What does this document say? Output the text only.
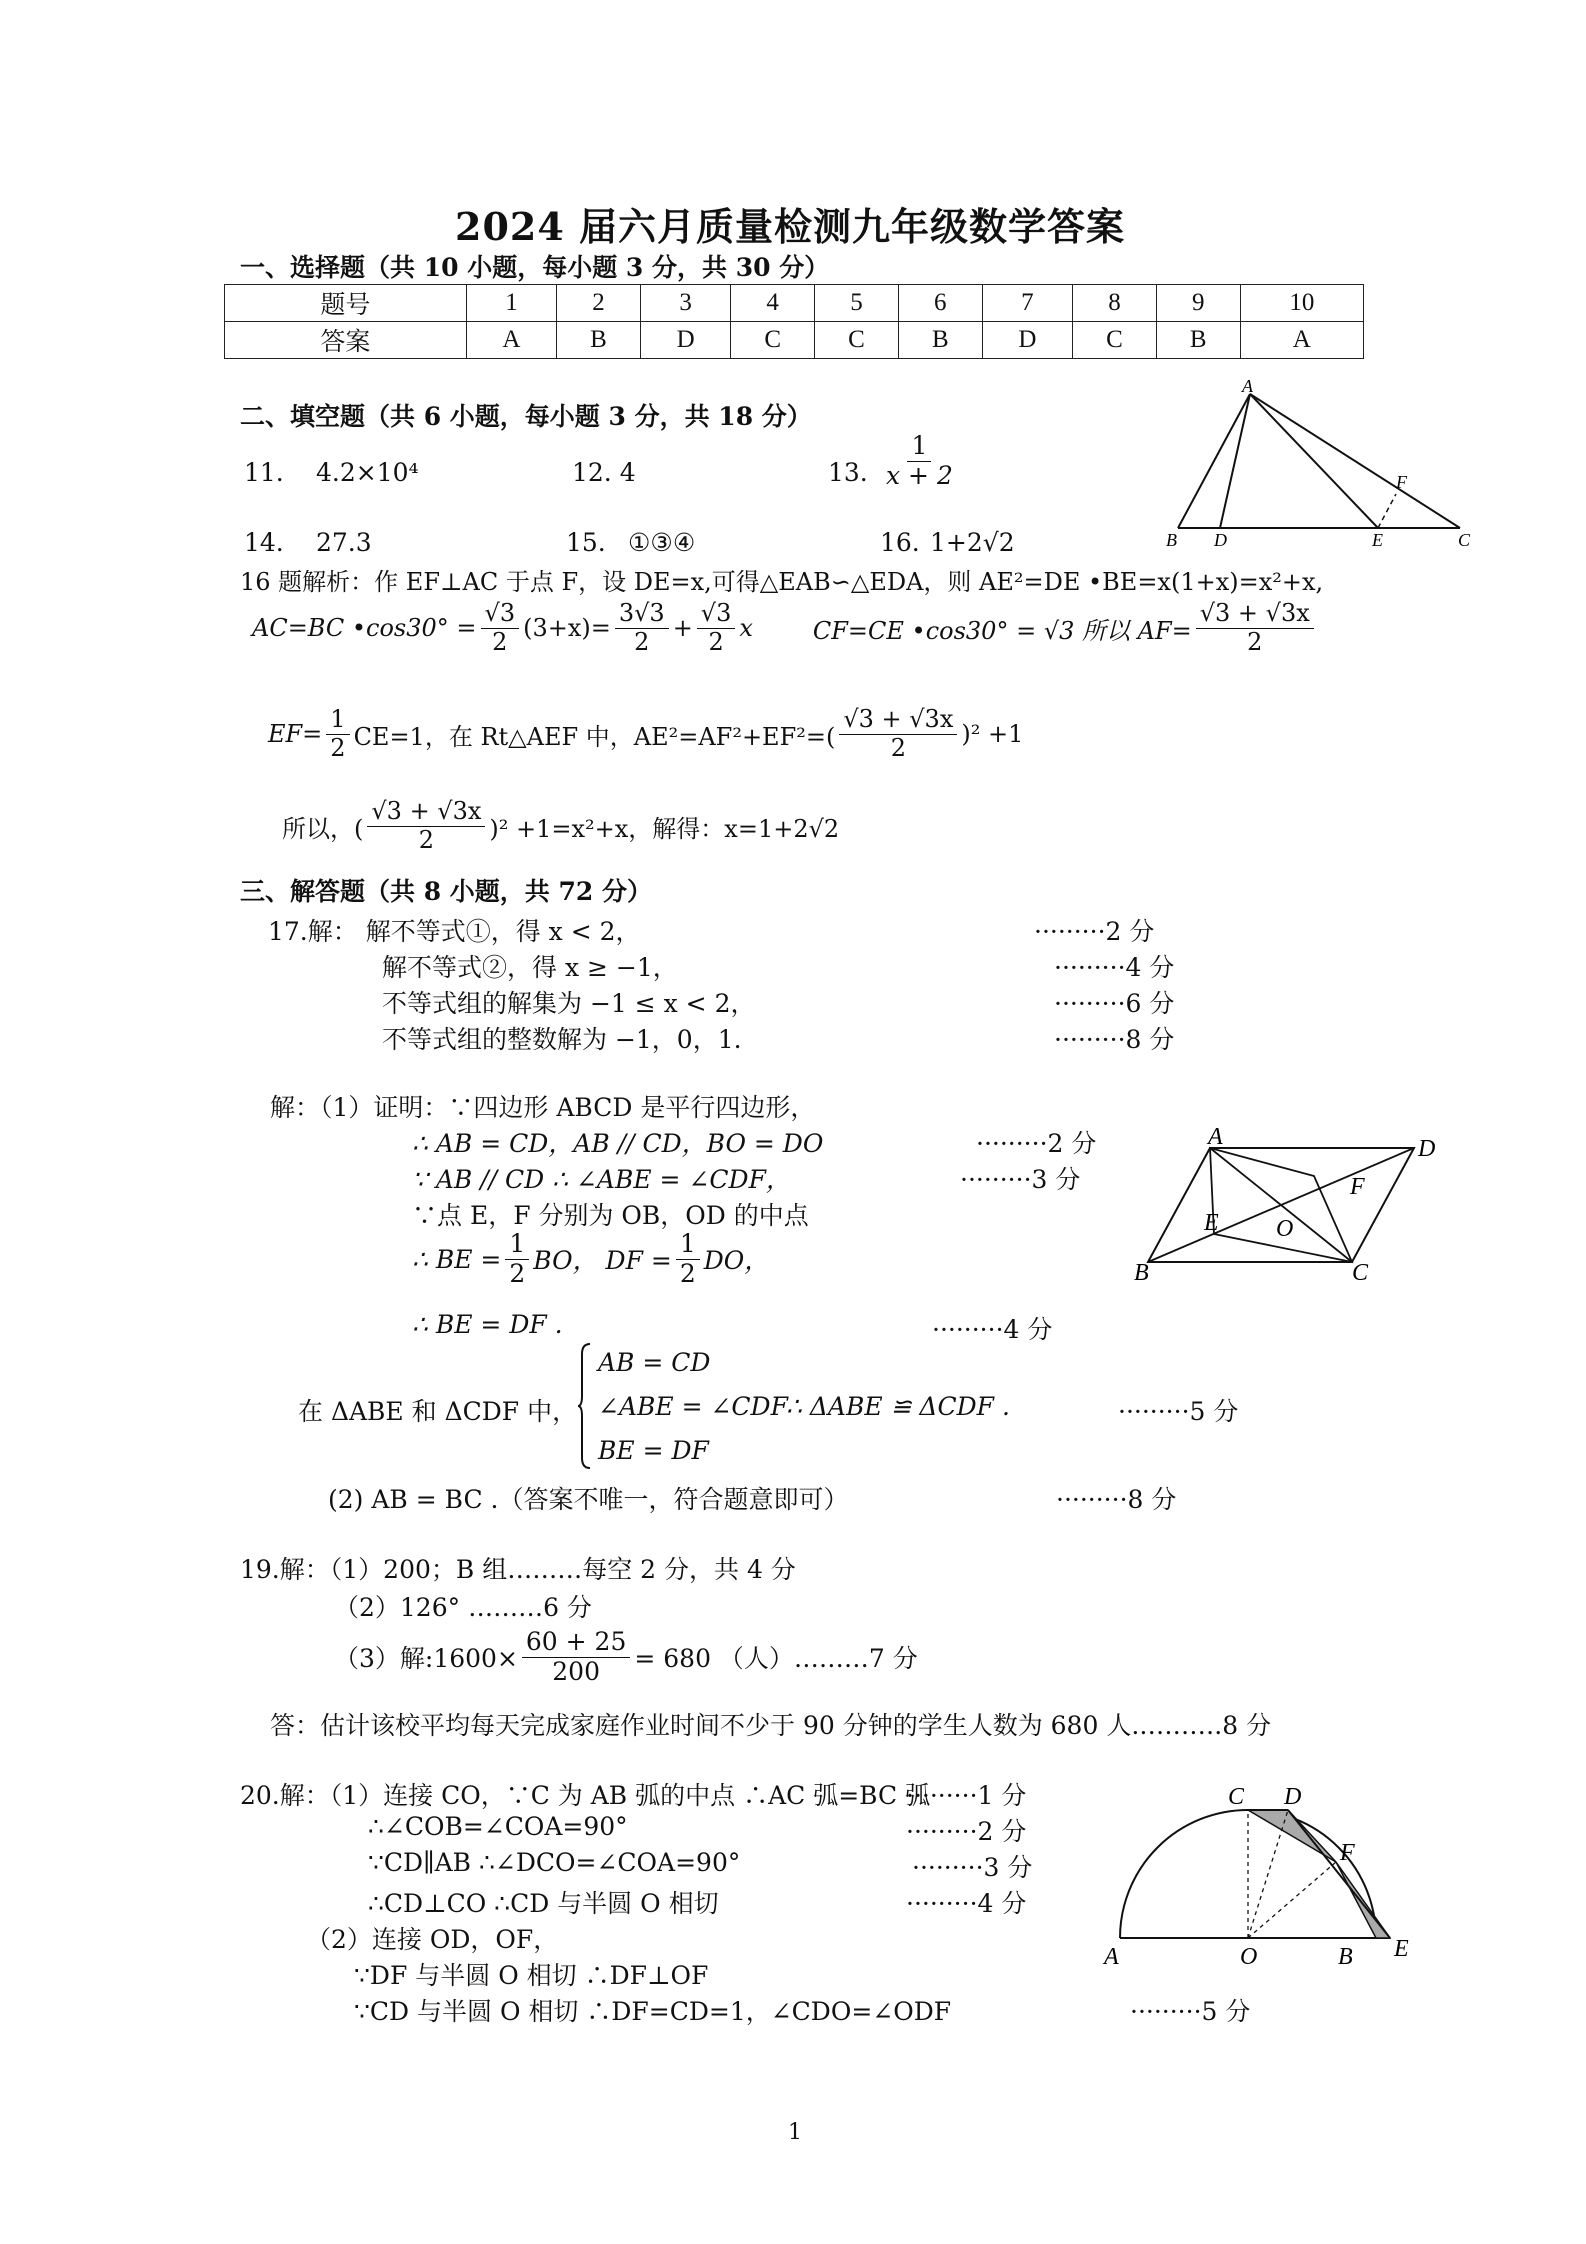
2024 届六月质量检测九年级数学答案
一、选择题（共 10 小题，每小题 3 分，共 30 分）
题号	1	2	3	4	5	6	7	8	9	10
答案	A	B	D	C	C	B	D	C	B	A
二、填空题（共 6 小题，每小题 3 分，共 18 分）
11. 4.2×10⁴	12. 4	13. $\frac{1}{x + 2}$
14. 27.3	15. ①③④	16. 1+2√2
A
F
B D	E	C
16 题解析：作 EF⊥AC 于点 F，设 DE=x,可得△EAB∽△EDA，则 AE²=DE •BE=x(1+x)=x²+x,
AC=BC •cos30° = $\frac{√3}{2} (3+x)= \frac{3√3}{2} + \frac{√3}{2}$ x	CF=CE •cos30° = √3 所以 $AF= \frac{√3 + √3x}{2}$
$EF= \frac{1}{2} CE=1$，在 Rt△AEF 中，$AE^2=AF^2+EF^2=( \frac{√3 + √3x}{2} )^2 +1$
所以，( $\frac{√3 + √3x}{2} )^2 +1=x^2+x$，解得：x=1+2√2
三、解答题（共 8 小题，共 72 分）
17.解： 解不等式①，得 x < 2，	·········2 分
解不等式②，得 x ≥ −1，	·········4 分
不等式组的解集为 −1 ≤ x < 2，	·········6 分
不等式组的整数解为 −1，0，1.	·········8 分
解：（1）证明：∵四边形 ABCD 是平行四边形，
∴ AB = CD，AB // CD，BO = DO	·········2 分
∵ AB // CD ∴ ∠ABE = ∠CDF，	·········3 分
∵点 E，F 分别为 OB，OD 的中点
∴ BE = $\frac{1}{2}$ BO， DF = $\frac{1}{2}$ DO，
∴ BE = DF .	·········4 分
在 ΔABE 和 ΔCDF 中，
AB = CD
∠ABE = ∠CDF
BE = DF
∴ ΔABE ≌ ΔCDF .	·········5 分
(2) AB = BC .（答案不唯一，符合题意即可）	·········8 分
A	D
F
E O
B	C
19.解：（1）200；B 组………每空 2 分，共 4 分
（2）126° ………6 分
（3）解:1600× $\frac{60 + 25}{200} = 680$ （人）………7 分
答：估计该校平均每天完成家庭作业时间不少于 90 分钟的学生人数为 680 人.……….8 分
20.解：（1）连接 CO，∵C 为 AB 弧的中点 ∴AC 弧=BC 弧
·········1 分
∴∠COB=∠COA=90°	·········2 分
∵CD∥AB ∴∠DCO=∠COA=90°	·········3 分
∴CD⊥CO ∴CD 与半圆 O 相切	·········4 分
（2）连接 OD，OF，
∵DF 与半圆 O 相切 ∴DF⊥OF
∵CD 与半圆 O 相切 ∴DF=CD=1，∠CDO=∠ODF	·········5 分
C D
F
A	O	B E
1
